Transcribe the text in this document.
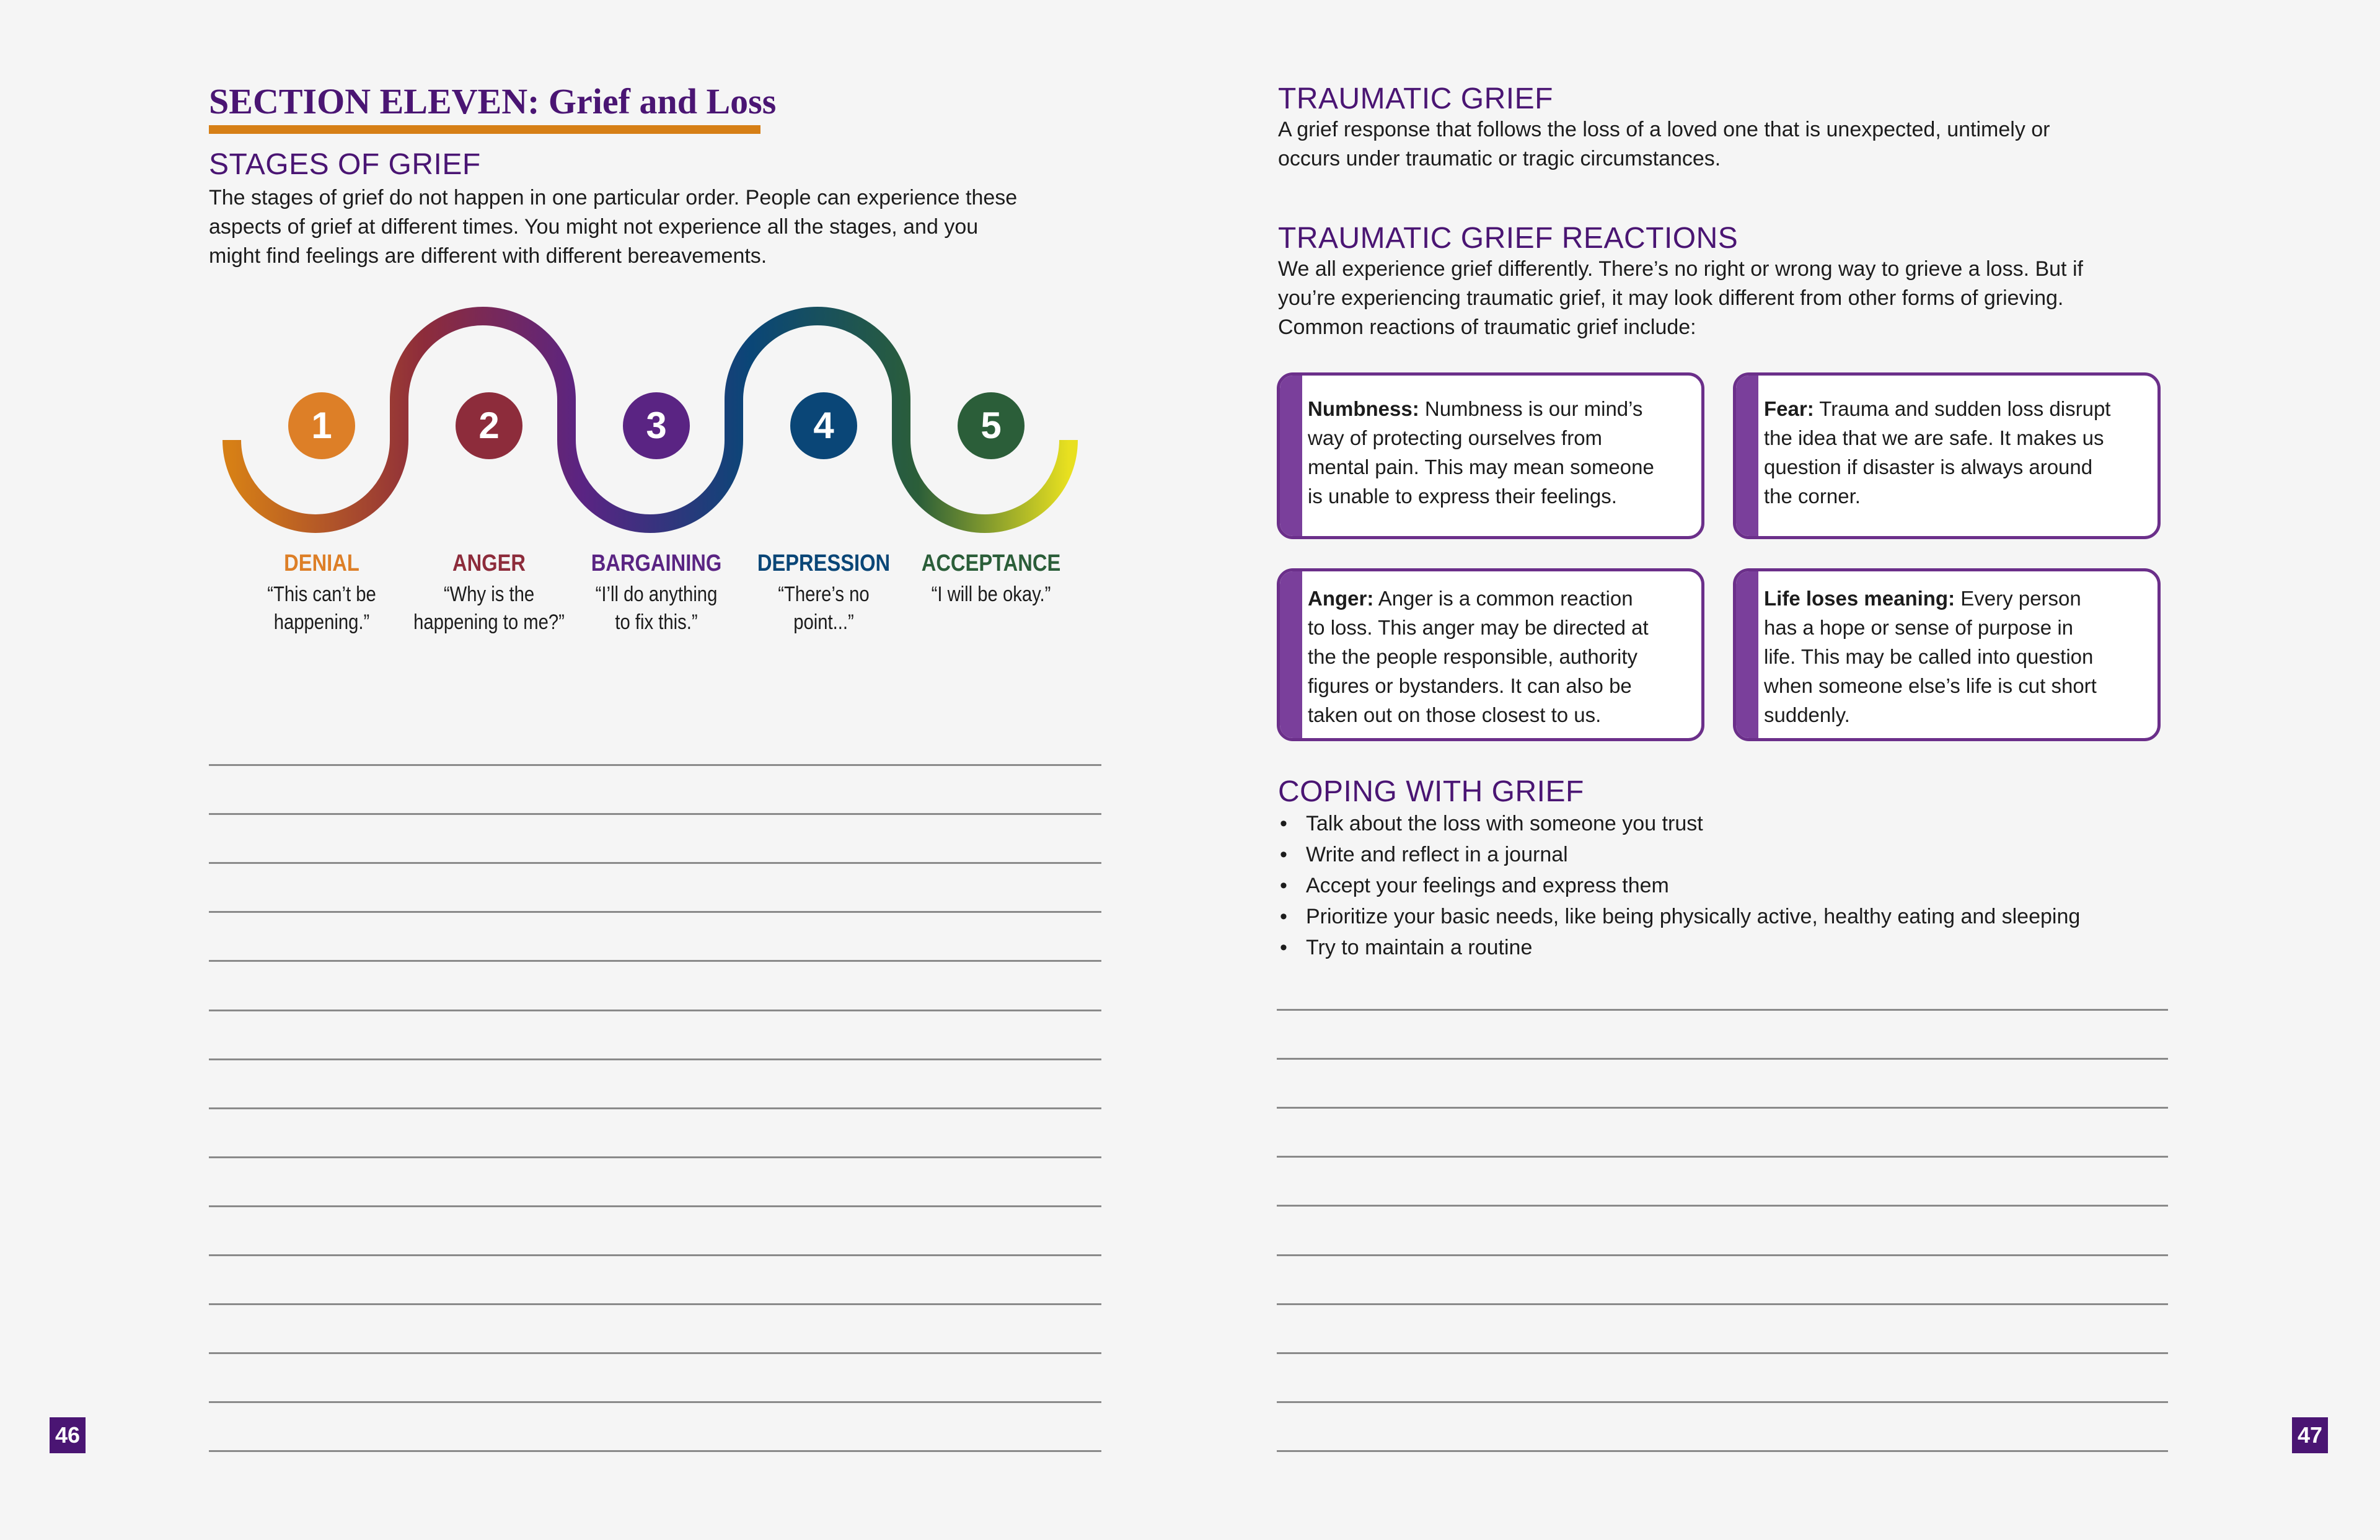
SECTION ELEVEN: Grief and Loss
STAGES OF GRIEF
The stages of grief do not happen in one particular order. People can experience these
aspects of grief at different times. You might not experience all the stages, and you
might find feelings are different with different bereavements.
1	2	3	4	5
DENIAL
“This can’t be
happening.”
ANGER
“Why is the
happening to me?”
BARGAINING
“I’ll do anything
to fix this.”
DEPRESSION
“There’s no
point...”
ACCEPTANCE
“I will be okay.”
46
TRAUMATIC GRIEF
A grief response that follows the loss of a loved one that is unexpected, untimely or
occurs under traumatic or tragic circumstances.
TRAUMATIC GRIEF REACTIONS
We all experience grief differently. There’s no right or wrong way to grieve a loss. But if
you’re experiencing traumatic grief, it may look different from other forms of grieving.
Common reactions of traumatic grief include:
Numbness: Numbness is our mind’s
way of protecting ourselves from
mental pain. This may mean someone
is unable to express their feelings.
Fear: Trauma and sudden loss disrupt
the idea that we are safe. It makes us
question if disaster is always around
the corner.
Anger: Anger is a common reaction
to loss. This anger may be directed at
the the people responsible, authority
figures or bystanders. It can also be
taken out on those closest to us.
Life loses meaning: Every person
has a hope or sense of purpose in
life. This may be called into question
when someone else’s life is cut short
suddenly.
COPING WITH GRIEF
• Talk about the loss with someone you trust
• Write and reflect in a journal
• Accept your feelings and express them
• Prioritize your basic needs, like being physically active, healthy eating and sleeping
• Try to maintain a routine
47
